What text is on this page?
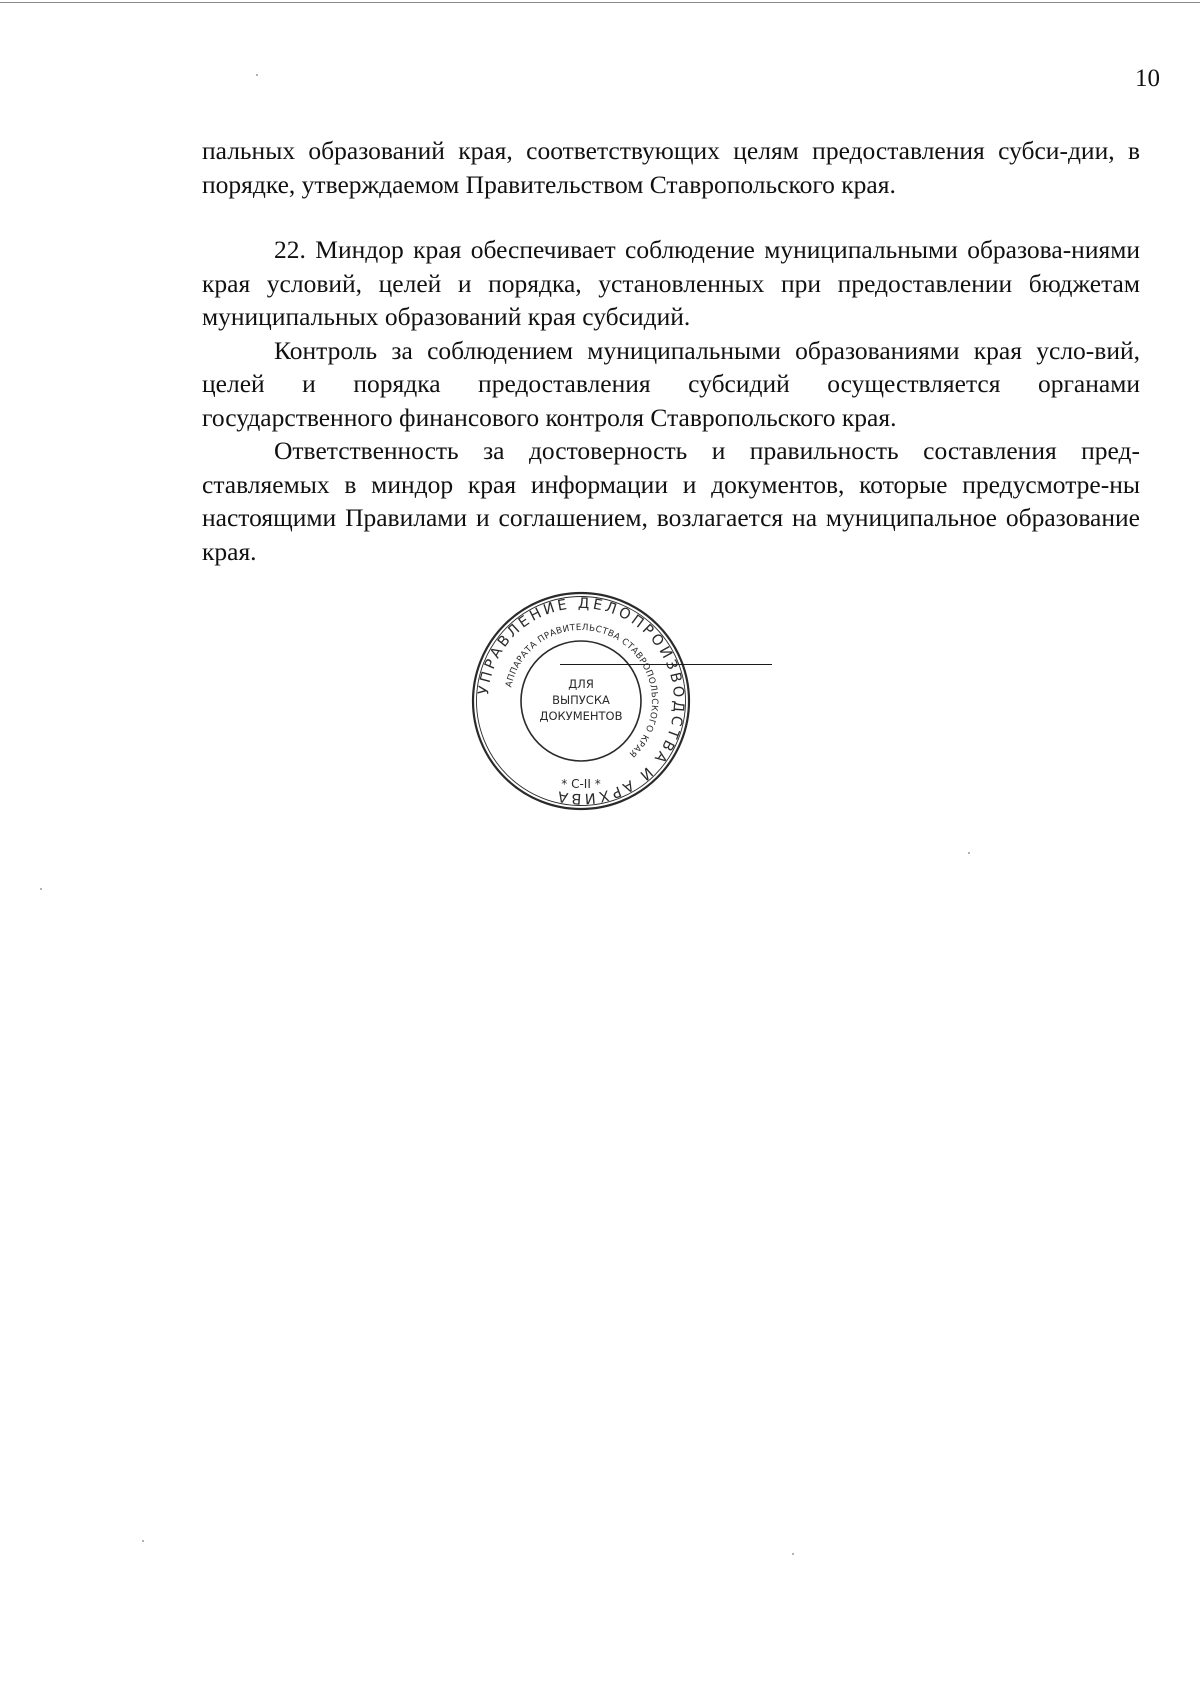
10

пальных образований края, соответствующих целям предоставления субси-дии, в порядке, утверждаемом Правительством Ставропольского края.

22. Миндор края обеспечивает соблюдение муниципальными образова-ниями края условий, целей и порядка, установленных при предоставлении бюджетам муниципальных образований края субсидий.

Контроль за соблюдением муниципальными образованиями края усло-вий, целей и порядка предоставления субсидий осуществляется органами государственного финансового контроля Ставропольского края.

Ответственность за достоверность и правильность составления пред-ставляемых в миндор края информации и документов, которые предусмотре-ны настоящими Правилами и соглашением, возлагается на муниципальное образование края.

УПРАВЛЕНИЕ ДЕЛОПРОИЗВОДСТВА И АРХИВА
АППАРАТА ПРАВИТЕЛЬСТВА СТАВРОПОЛЬСКОГО КРАЯ
ДЛЯ
ВЫПУСКА
ДОКУМЕНТОВ
* С-II *
